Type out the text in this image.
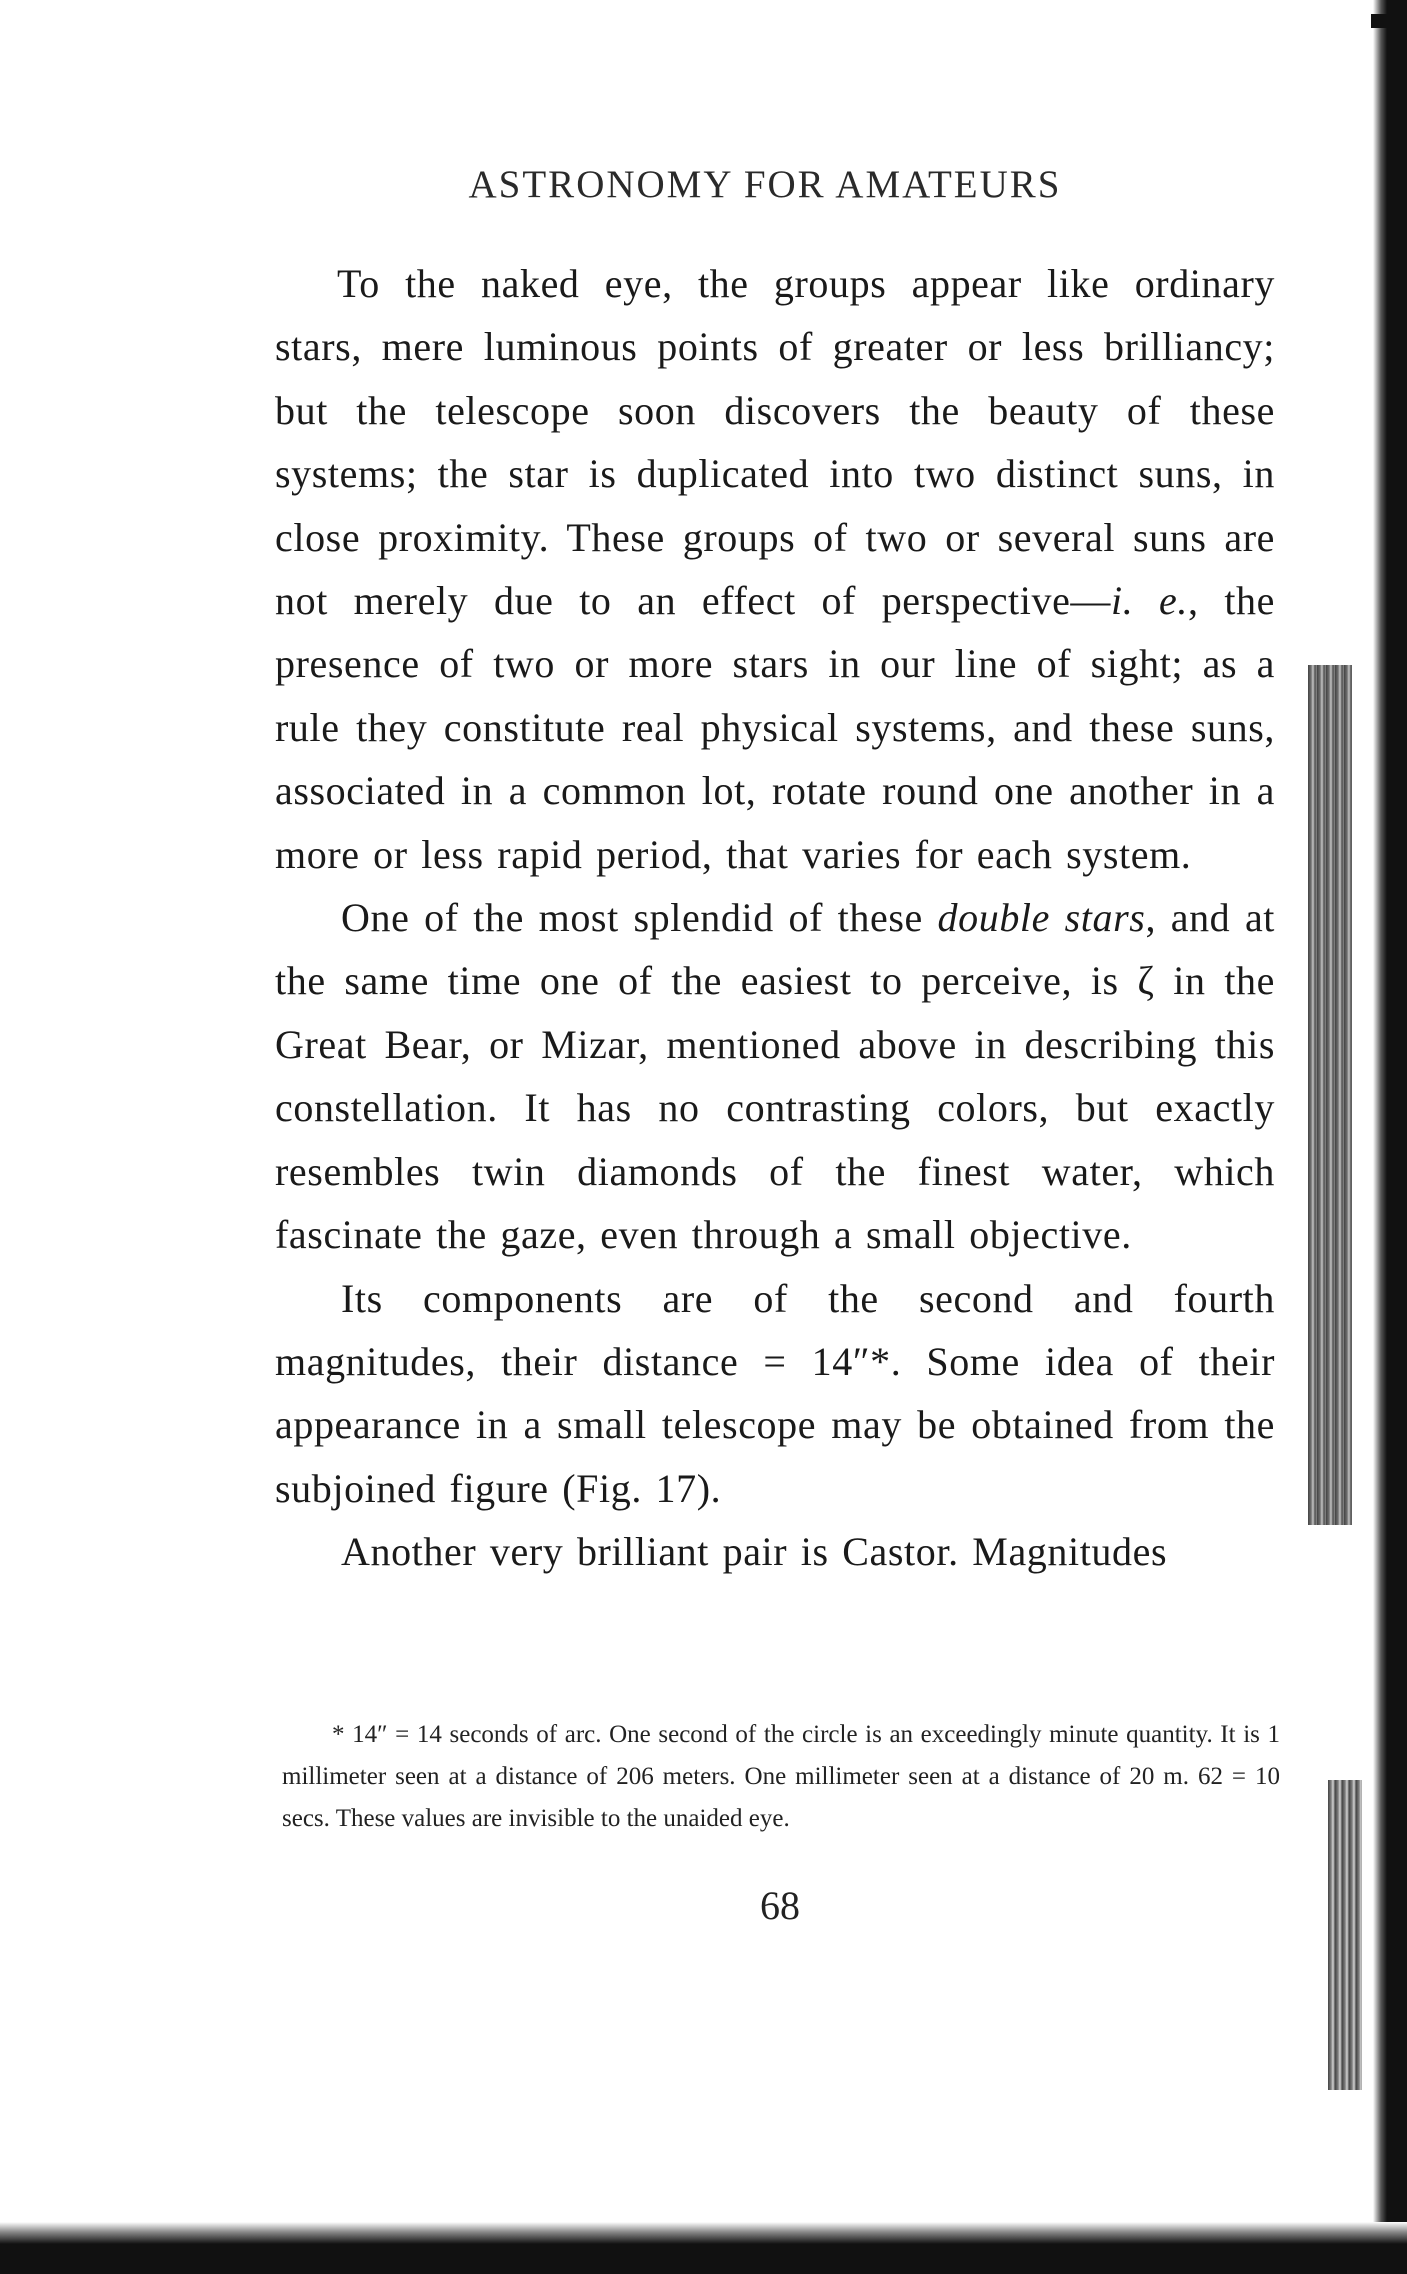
ASTRONOMY FOR AMATEURS

To the naked eye, the groups appear like ordinary stars, mere luminous points of greater or less brilliancy; but the telescope soon discovers the beauty of these systems; the star is duplicated into two distinct suns, in close proximity. These groups of two or several suns are not merely due to an effect of perspective—i. e., the presence of two or more stars in our line of sight; as a rule they constitute real physical systems, and these suns, associated in a common lot, rotate round one another in a more or less rapid period, that varies for each system.

One of the most splendid of these double stars, and at the same time one of the easiest to perceive, is ζ in the Great Bear, or Mizar, mentioned above in describing this constellation. It has no contrasting colors, but exactly resembles twin diamonds of the finest water, which fascinate the gaze, even through a small objective.

Its components are of the second and fourth magnitudes, their distance = 14″*. Some idea of their appearance in a small telescope may be obtained from the subjoined figure (Fig. 17).

Another very brilliant pair is Castor. Magnitudes

* 14″ = 14 seconds of arc. One second of the circle is an exceedingly minute quantity. It is 1 millimeter seen at a distance of 206 meters. One millimeter seen at a distance of 20 m. 62 = 10 secs. These values are invisible to the unaided eye.

68
